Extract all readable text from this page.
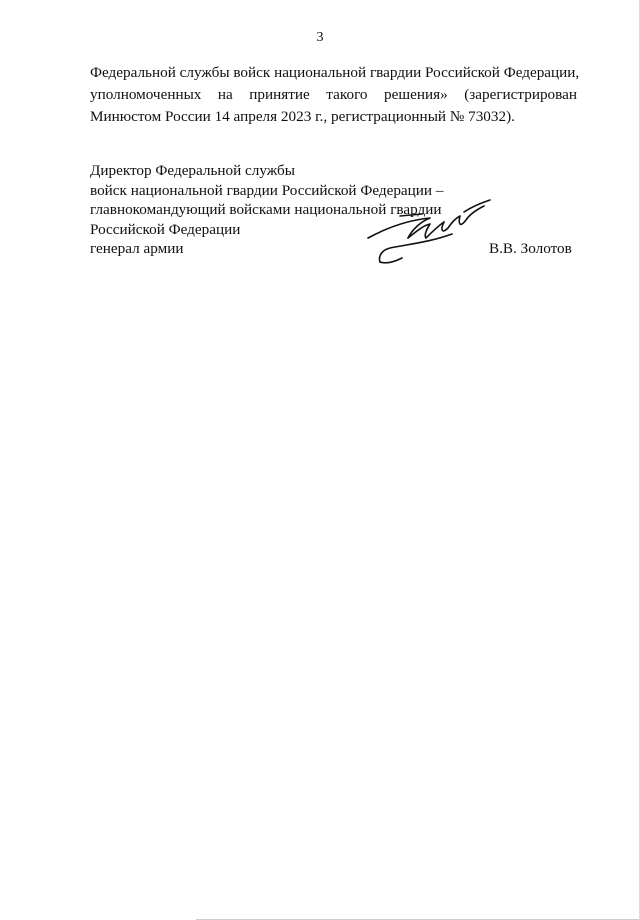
3
Федеральной службы войск национальной гвардии Российской Федерации,
уполномоченных на принятие такого решения» (зарегистрирован
Минюстом России 14 апреля 2023 г., регистрационный № 73032).
Директор Федеральной службы
войск национальной гвардии Российской Федерации –
главнокомандующий войсками национальной гвардии
Российской Федерации
генерал армии	В.В. Золотов
